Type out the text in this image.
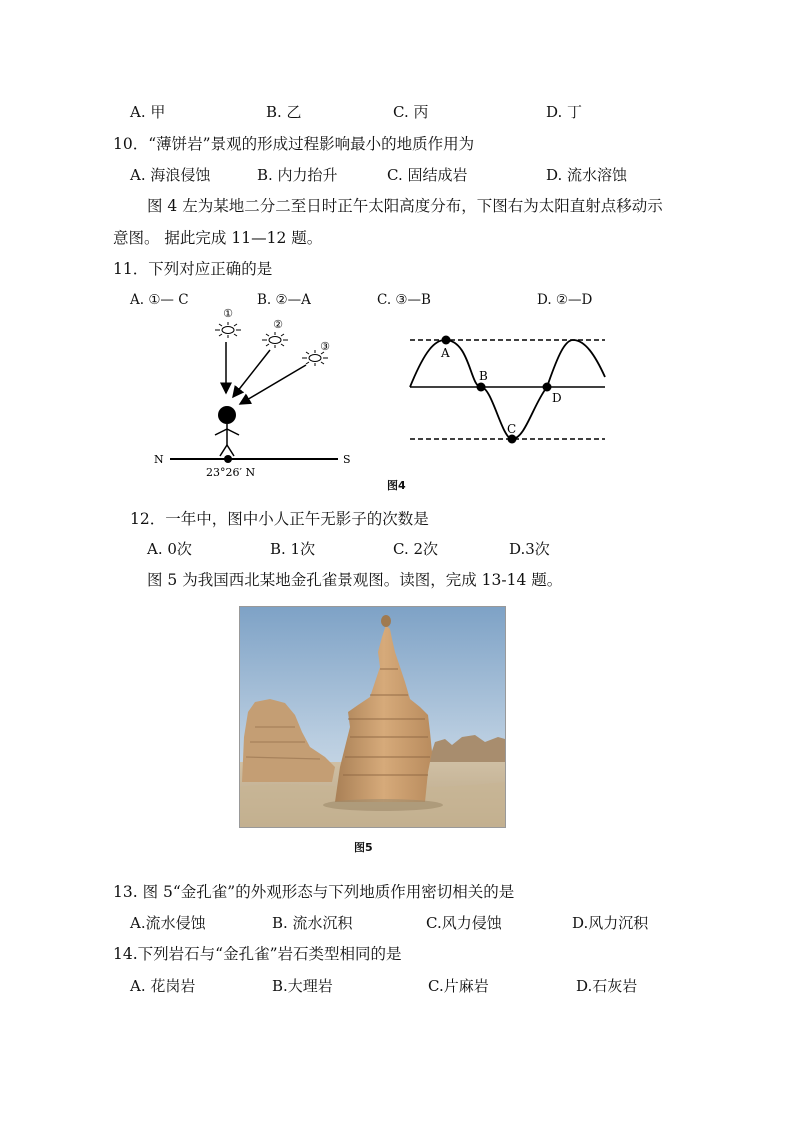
A. 甲	B. 乙	C. 丙	D. 丁
10．“薄饼岩”景观的形成过程影响最小的地质作用为
A. 海浪侵蚀	B. 内力抬升	C. 固结成岩	D. 流水溶蚀
图 4 左为某地二分二至日时正午太阳高度分布，下图右为太阳直射点移动示
意图。 据此完成 11—12 题。
11．下列对应正确的是
A. ①— C	B. ②—A	C. ③—B	D. ②—D
①
②
③
N	S
23°26′ N
A
B
C
D
图4
12．一年中，图中小人正午无影子的次数是
A. 0次	B. 1次	C. 2次	D.3次
图 5 为我国西北某地金孔雀景观图。读图，完成 13-14 题。
图5
13. 图 5“金孔雀”的外观形态与下列地质作用密切相关的是
A.流水侵蚀	B. 流水沉积	C.风力侵蚀	D.风力沉积
14.下列岩石与“金孔雀”岩石类型相同的是
A. 花岗岩	B.大理岩	C.片麻岩	D.石灰岩
